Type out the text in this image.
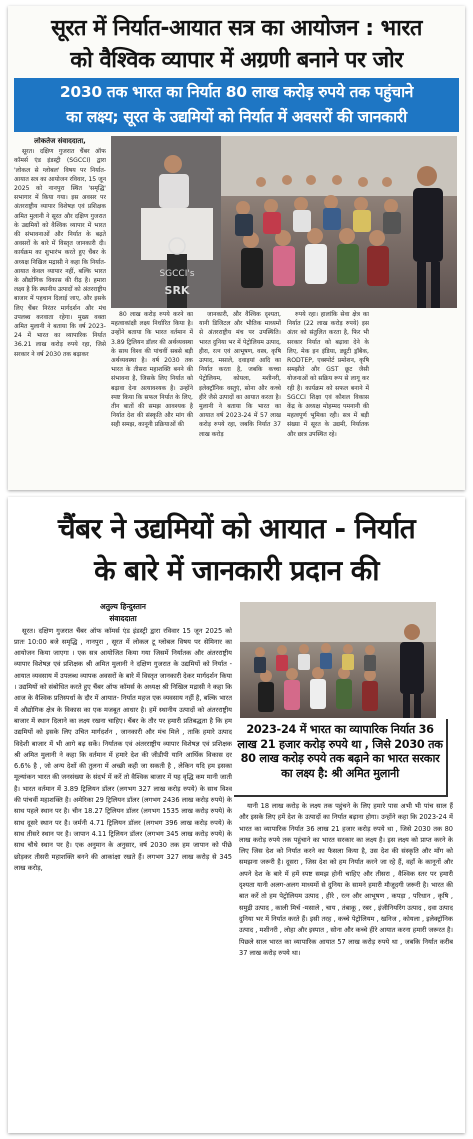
सूरत में निर्यात-आयात सत्र का आयोजन : भारत
को वैश्विक व्यापार में अग्रणी बनाने पर जोर
2030 तक भारत का निर्यात 80 लाख करोड़ रुपये तक पहुंचाने
का लक्ष्य; सूरत के उद्यमियों को निर्यात में अवसरों की जानकारी
लोकतेज संवाददाता,

सूरत। दक्षिण गुजरात चैंबर ऑफ कॉमर्स एंड इंडस्ट्री (SGCCI) द्वारा 'लोकल से ग्लोबल' विषय पर निर्यात-आयात सत्र का आयोजन रविवार, 15 जून 2025 को नानपुरा स्थित 'समृद्धि' सभागार में किया गया। इस अवसर पर अंतरराष्ट्रीय व्यापार विशेषज्ञ एवं प्रशिक्षक अमित मुलानी ने सूरत और दक्षिण गुजरात के उद्यमियों को वैश्विक व्यापार में भारत की संभावनाओं और निर्यात के बढ़ते अवसरों के बारे में विस्तृत जानकारी दी। कार्यक्रम का शुभारंभ करते हुए चैंबर के अध्यक्ष निखिल मद्रासी ने कहा कि निर्यात-आयात केवल व्यापार नहीं, बल्कि भारत के औद्योगिक विकास की रीढ़ है। हमारा लक्ष्य है कि स्थानीय उत्पादों को अंतरराष्ट्रीय बाजार में पहचान दिलाई जाए, और इसके लिए चैंबर निरंतर मार्गदर्शन और मंच उपलब्ध करवाता रहेगा। मुख्य वक्ता अमित मुलानी ने बताया कि वर्ष 2023-24 में भारत का व्यापारिक निर्यात 36.21 लाख करोड़ रुपये रहा, जिसे सरकार ने वर्ष 2030 तक बढ़ाकर

SGCCI's
SRK

80 लाख करोड़ रुपये करने का महत्वाकांक्षी लक्ष्य निर्धारित किया है। उन्होंने बताया कि भारत वर्तमान में 3.89 ट्रिलियन डॉलर की अर्थव्यवस्था के साथ विश्व की पांचवीं सबसे बड़ी अर्थव्यवस्था है। वर्ष 2030 तक भारत के तीसरा महाशक्ति बनने की संभावना है, जिसके लिए निर्यात को बढ़ावा देना अत्यावश्यक है। उन्होंने स्पष्ट किया कि सफल निर्यात के लिए, तीन बातों की समझ आवश्यक है निर्यात देश की संस्कृति और मांग की सही समझ, कानूनी प्रक्रियाओं की

जानकारी, और वैश्विक दृश्यता, यानी डिजिटल और भौतिक माध्यमों से अंतरराष्ट्रीय मंच पर उपस्थिति। भारत दुनिया भर में पेट्रोलियम उत्पाद, हीरा, रत्न एवं आभूषण, वस्त्र, कृषि उत्पाद, मसाले, दवाइयां आदि का निर्यात करता है, जबकि कच्चा पेट्रोलियम, कोयला, मशीनरी, इलेक्ट्रॉनिक वस्तुएं, सोना और कच्चे हीरे जैसे उत्पादों का आयात करता है। मुलानी ने बताया कि भारत का आयात वर्ष 2023-24 में 57 लाख करोड़ रुपये रहा, जबकि निर्यात 37 लाख करोड़

रुपये रहा। हालांकि सेवा क्षेत्र का निर्यात (22 लाख करोड़ रुपये) इस अंतर को संतुलित करता है, फिर भी सरकार निर्यात को बढ़ावा देने के लिए, मेक इन इंडिया, ड्यूटी ड्रॉबैक, RODTEP, एक्स्पोर्ट प्रमोशन, कृषि समझौते और GST छूट जैसी योजनाओं को सक्रिय रूप से लागू कर रही है। कार्यक्रम को सफल बनाने में SGCCI शिक्षा एवं कौशल विकास केंद्र के अध्यक्ष मोहम्मद पमनानी की महत्वपूर्ण भूमिका रही। सत्र में बड़ी संख्या में सूरत के उद्यमी, निर्यातक और छात्र उपस्थित रहे।

चैंबर ने उद्यमियों को आयात - निर्यात
के बारे में जानकारी प्रदान की
अतुल्य हिन्दुस्तान
संवाददाता

सूरत। दक्षिण गुजरात चैंबर ऑफ कॉमर्स एंड इंडस्ट्री द्वारा रविवार 15 जून 2025 को प्रातः 10:00 बजे समृद्धि , नानपुरा , सूरत में लोकल टू ग्लोबल विषय पर सेमिनार का आयोजन किया जाएगा । एक सत्र आयोजित किया गया जिसमें निर्यातक और अंतरराष्ट्रीय व्यापार विशेषज्ञ एवं प्रशिक्षक श्री अमित मुलानी ने दक्षिण गुजरात के उद्यमियों को निर्यात - आयात व्यवसाय में उपलब्ध व्यापक अवसरों के बारे में विस्तृत जानकारी देकर मार्गदर्शन किया । उद्यमियों को संबोधित करते हुए चैंबर ऑफ कॉमर्स के अध्यक्ष श्री निखिल मद्रासी ने कहा कि आज के वैश्विक प्रतिस्पर्धा के दौर में आयात- निर्यात महज एक व्यवसाय नहीं है, बल्कि भारत में औद्योगिक क्षेत्र के विकास का एक मजबूत आधार है। हमें स्थानीय उत्पादों को अंतरराष्ट्रीय बाजार में स्थान दिलाने का लक्ष्य रखना चाहिए। चैंबर के तौर पर हमारी प्रतिबद्धता है कि हम उद्यमियों को इसके लिए उचित मार्गदर्शन , जानकारी और मंच मिले , ताकि हमारे उत्पाद विदेशी बाजार में भी आगे बढ़ सकें। निर्यातक एवं अंतरराष्ट्रीय व्यापार विशेषज्ञ एवं प्रशिक्षक श्री अमित मुलानी ने कहा कि वर्तमान में हमारे देश की जीडीपी यानि आर्थिक विकास दर 6.6% है , जो अन्य देशों की तुलना में अच्छी कही जा सकती है , लेकिन यदि हम इसका मूल्यांकन भारत की जनसंख्या के संदर्भ में करें तो वैश्विक बाजार में यह वृद्धि कम मानी जाती है। भारत वर्तमान में 3.89 ट्रिलियन डॉलर (लगभग 327 लाख करोड़ रुपये) के साथ विश्व की पांचवीं महाशक्ति है। अमेरिका 29 ट्रिलियन डॉलर (लगभग 2436 लाख करोड़ रुपये) के साथ पहले स्थान पर है। चीन 18.27 ट्रिलियन डॉलर (लगभग 1535 लाख करोड़ रुपये) के साथ दूसरे स्थान पर है। जर्मनी 4.71 ट्रिलियन डॉलर (लगभग 396 लाख करोड़ रुपये) के साथ तीसरे स्थान पर है। जापान 4.11 ट्रिलियन डॉलर (लगभग 345 लाख करोड़ रुपये) के साथ चौथे स्थान पर है। एक अनुमान के अनुसार, वर्ष 2030 तक हम जापान को पीछे छोड़कर तीसरी महाशक्ति बनने की आकांक्षा रखते हैं। लगभग 327 लाख करोड़ से 345 लाख करोड़,

2023-24 में भारत का व्यापारिक निर्यात 36 लाख 21 हजार करोड़ रुपये था , जिसे 2030 तक 80 लाख करोड़ रुपये तक बढ़ाने का भारत सरकार का लक्ष्य है: श्री अमित मुलानी

यानी 18 लाख करोड़ के लक्ष्य तक पहुंचने के लिए हमारे पास अभी भी पांच साल हैं और इसके लिए हमें देश के उत्पादों का निर्यात बढ़ाना होगा। उन्होंने कहा कि 2023-24 में भारत का व्यापारिक निर्यात 36 लाख 21 हजार करोड़ रुपये था , जिसे 2030 तक 80 लाख करोड़ रुपये तक पहुंचाने का भारत सरकार का लक्ष्य है। इस लक्ष्य को प्राप्त करने के लिए जिस देश को निर्यात करने का फैसला किया है, उस देश की संस्कृति और माँग को समझना जरूरी है। दूसरा , जिस देश को हम निर्यात करने जा रहे हैं, वहाँ के कानूनों और अपने देश के बारे में हमें स्पष्ट समझ होनी चाहिए और तीसरा , वैश्विक स्तर पर हमारी दृश्यता यानी अलग-अलग माध्यमों से दुनिया के सामने हमारी मौजूदगी जरूरी है। भारत की बात करें तो हम पेट्रोलियम उत्पाद , हीरे , रत्न और आभूषण , कपड़ा , परिधान , कृषि , समुद्री उत्पाद , काली मिर्च -मसाले , चाय , तंबाकू , रबर , इंजीनियरिंग उत्पाद , दवा उत्पाद दुनिया भर में निर्यात करते हैं। इसी तरह , कच्चे पेट्रोलियम , खनिज , कोयला , इलेक्ट्रॉनिक उत्पाद , मशीनरी , लोहा और इस्पात , सोना और कच्चे हीरे आयात करना हमारी जरूरत है। पिछले साल भारत का व्यापारिक आयात 57 लाख करोड़ रुपये था , जबकि निर्यात करीब 37 लाख करोड़ रुपये था।
